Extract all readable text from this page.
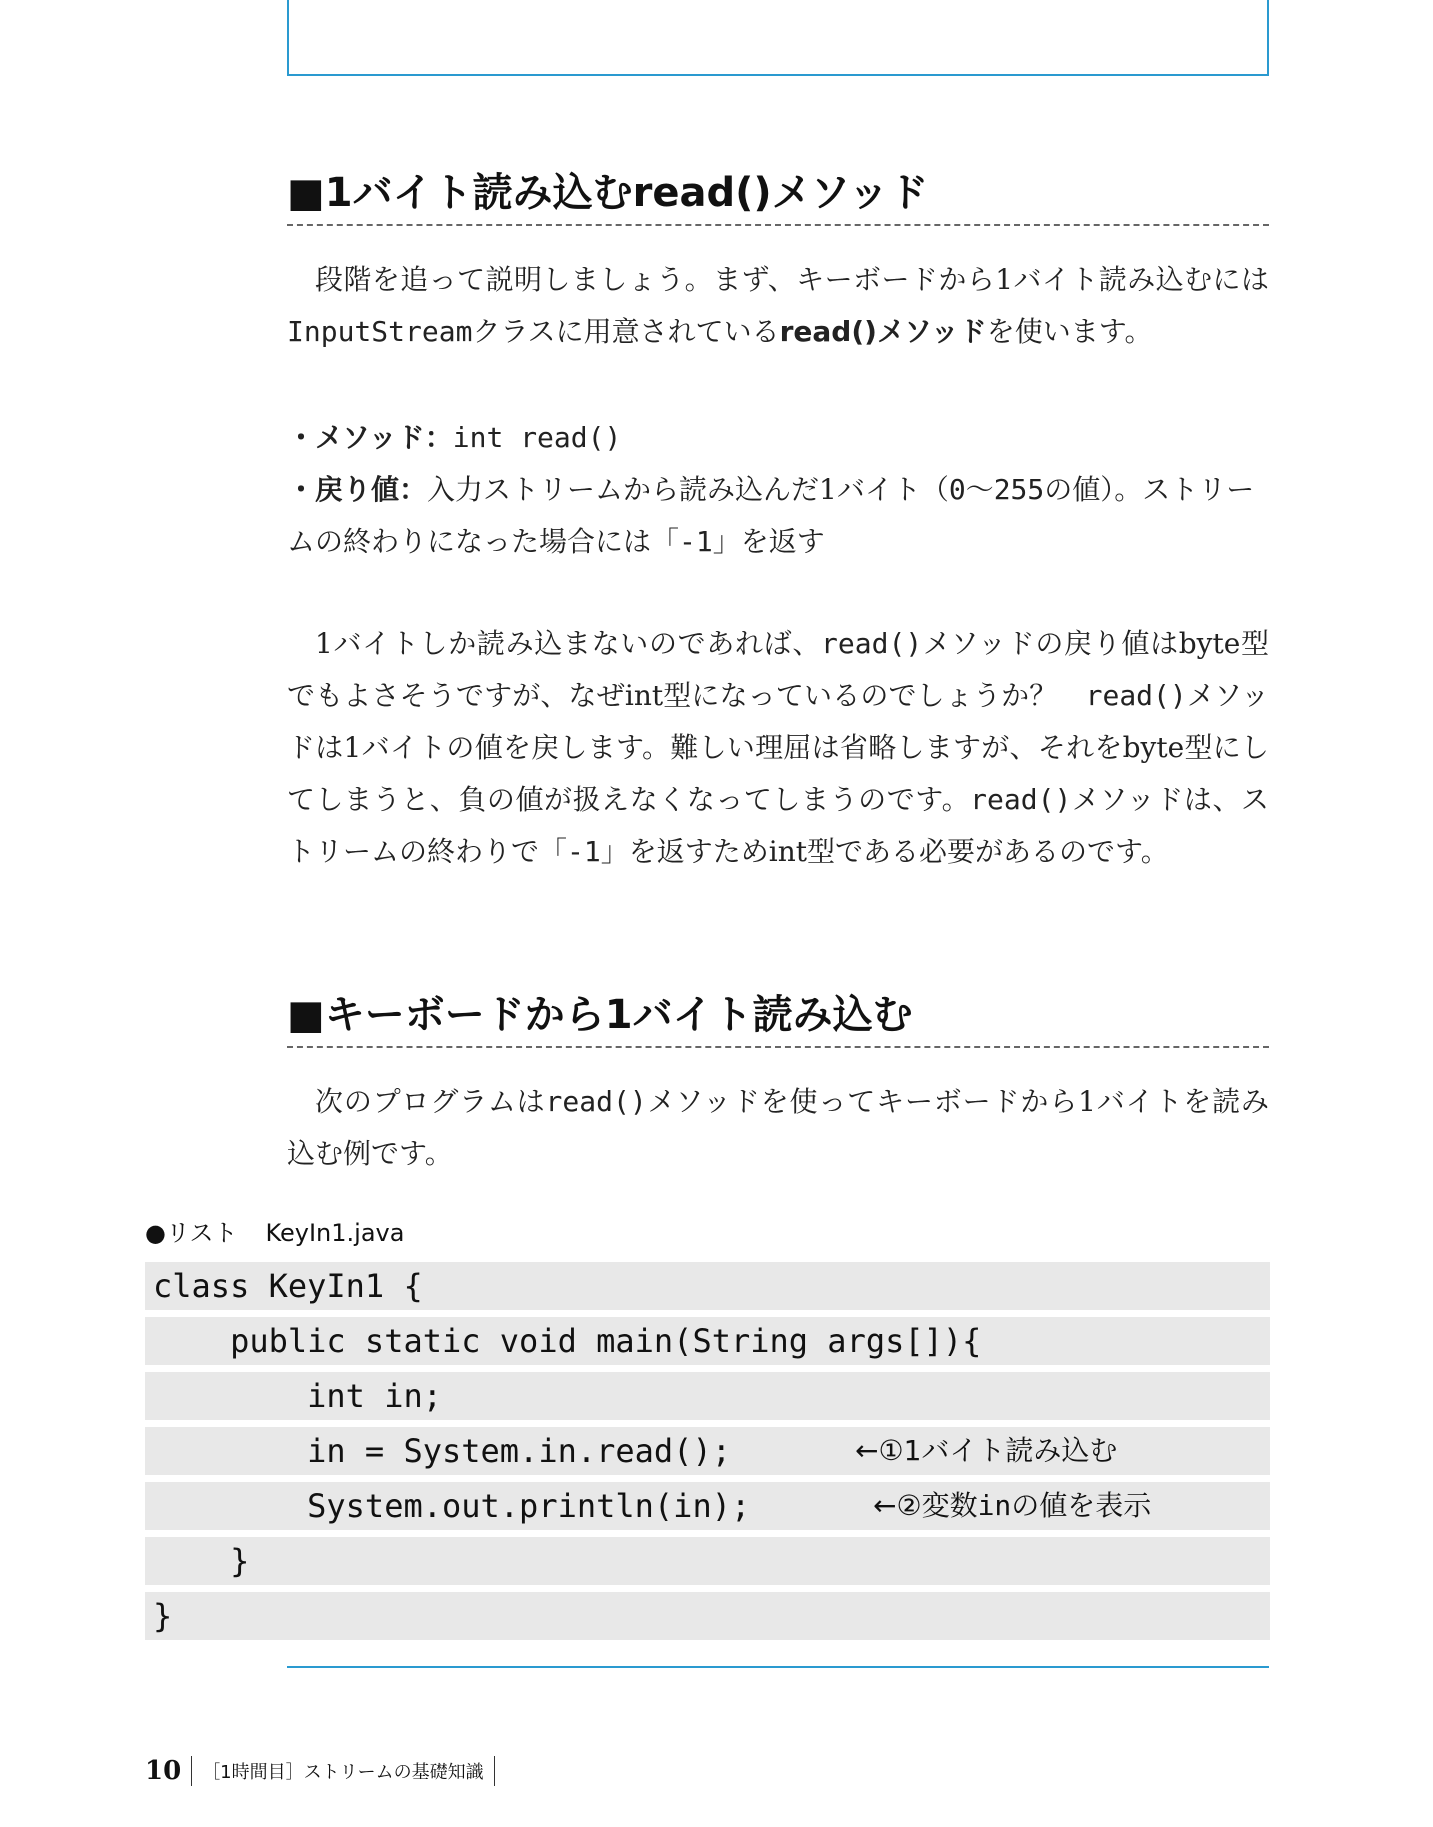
■1バイト読み込むread()メソッド
段階を追って説明しましょう。まず、キーボードから1バイト読み込むにはInputStreamクラスに用意されているread()メソッドを使います。
・メソッド：int read()
・戻り値：入力ストリームから読み込んだ1バイト（0〜255の値）。ストリームの終わりになった場合には「-1」を返す
1バイトしか読み込まないのであれば、read()メソッドの戻り値はbyte型でもよさそうですが、なぜint型になっているのでしょうか？　read()メソッドは1バイトの値を戻します。難しい理屈は省略しますが、それをbyte型にしてしまうと、負の値が扱えなくなってしまうのです。read()メソッドは、ストリームの終わりで「-1」を返すためint型である必要があるのです。
■キーボードから1バイト読み込む
次のプログラムはread()メソッドを使ってキーボードから1バイトを読み込む例です。
●リスト KeyIn1.java
class KeyIn1 {
public static void main(String args[]){
int in;
in = System.in.read();	←①1バイト読み込む
System.out.println(in);	←②変数inの値を表示
}
}
10 ［1時間目］ストリームの基礎知識
